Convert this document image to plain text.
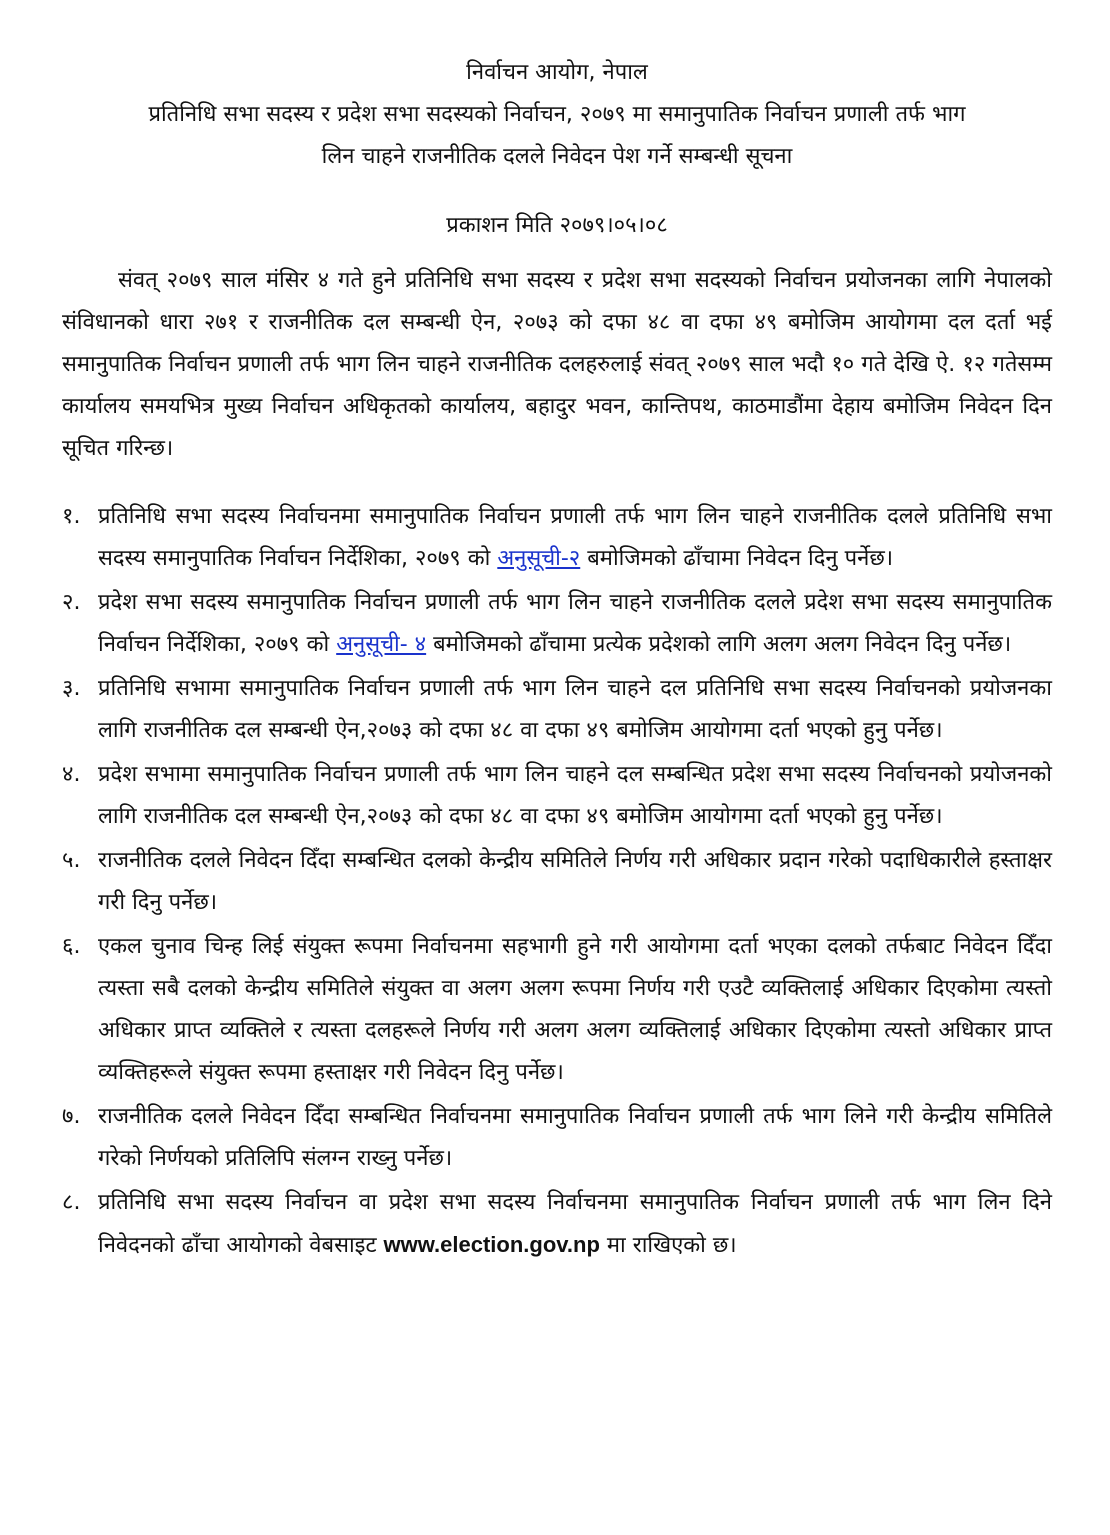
निर्वाचन आयोग, नेपाल
प्रतिनिधि सभा सदस्य र प्रदेश सभा सदस्यको निर्वाचन, २०७९ मा समानुपातिक निर्वाचन प्रणाली तर्फ भाग
लिन चाहने राजनीतिक दलले निवेदन पेश गर्ने सम्बन्धी सूचना
प्रकाशन मिति २०७९।०५।०८

संवत् २०७९ साल मंसिर ४ गते हुने प्रतिनिधि सभा सदस्य र प्रदेश सभा सदस्यको निर्वाचन प्रयोजनका लागि नेपालको संविधानको धारा २७१ र राजनीतिक दल सम्बन्धी ऐन, २०७३ को दफा ४८ वा दफा ४९ बमोजिम आयोगमा दल दर्ता भई समानुपातिक निर्वाचन प्रणाली तर्फ भाग लिन चाहने राजनीतिक दलहरुलाई संवत् २०७९ साल भदौ १० गते देखि ऐ. १२ गतेसम्म कार्यालय समयभित्र मुख्य निर्वाचन अधिकृतको कार्यालय, बहादुर भवन, कान्तिपथ, काठमाडौंमा देहाय बमोजिम निवेदन दिन सूचित गरिन्छ।

१. प्रतिनिधि सभा सदस्य निर्वाचनमा समानुपातिक निर्वाचन प्रणाली तर्फ भाग लिन चाहने राजनीतिक दलले प्रतिनिधि सभा सदस्य समानुपातिक निर्वाचन निर्देशिका, २०७९ को अनुसूची-२ बमोजिमको ढाँचामा निवेदन दिनु पर्नेछ।
२. प्रदेश सभा सदस्य समानुपातिक निर्वाचन प्रणाली तर्फ भाग लिन चाहने राजनीतिक दलले प्रदेश सभा सदस्य समानुपातिक निर्वाचन निर्देशिका, २०७९ को अनुसूची- ४ बमोजिमको ढाँचामा प्रत्येक प्रदेशको लागि अलग अलग निवेदन दिनु पर्नेछ।
३. प्रतिनिधि सभामा समानुपातिक निर्वाचन प्रणाली तर्फ भाग लिन चाहने दल प्रतिनिधि सभा सदस्य निर्वाचनको प्रयोजनका लागि राजनीतिक दल सम्बन्धी ऐन,२०७३ को दफा ४८ वा दफा ४९ बमोजिम आयोगमा दर्ता भएको हुनु पर्नेछ।
४. प्रदेश सभामा समानुपातिक निर्वाचन प्रणाली तर्फ भाग लिन चाहने दल सम्बन्धित प्रदेश सभा सदस्य निर्वाचनको प्रयोजनको लागि राजनीतिक दल सम्बन्धी ऐन,२०७३ को दफा ४८ वा दफा ४९ बमोजिम आयोगमा दर्ता भएको हुनु पर्नेछ।
५. राजनीतिक दलले निवेदन दिँदा सम्बन्धित दलको केन्द्रीय समितिले निर्णय गरी अधिकार प्रदान गरेको पदाधिकारीले हस्ताक्षर गरी दिनु पर्नेछ।
६. एकल चुनाव चिन्ह लिई संयुक्त रूपमा निर्वाचनमा सहभागी हुने गरी आयोगमा दर्ता भएका दलको तर्फबाट निवेदन दिँदा त्यस्ता सबै दलको केन्द्रीय समितिले संयुक्त वा अलग अलग रूपमा निर्णय गरी एउटै व्यक्तिलाई अधिकार दिएकोमा त्यस्तो अधिकार प्राप्त व्यक्तिले र त्यस्ता दलहरूले निर्णय गरी अलग अलग व्यक्तिलाई अधिकार दिएकोमा त्यस्तो अधिकार प्राप्त व्यक्तिहरूले संयुक्त रूपमा हस्ताक्षर गरी निवेदन दिनु पर्नेछ।
७. राजनीतिक दलले निवेदन दिँदा सम्बन्धित निर्वाचनमा समानुपातिक निर्वाचन प्रणाली तर्फ भाग लिने गरी केन्द्रीय समितिले गरेको निर्णयको प्रतिलिपि संलग्न राख्नु पर्नेछ।
८. प्रतिनिधि सभा सदस्य निर्वाचन वा प्रदेश सभा सदस्य निर्वाचनमा समानुपातिक निर्वाचन प्रणाली तर्फ भाग लिन दिने निवेदनको ढाँचा आयोगको वेबसाइट www.election.gov.np मा राखिएको छ।
